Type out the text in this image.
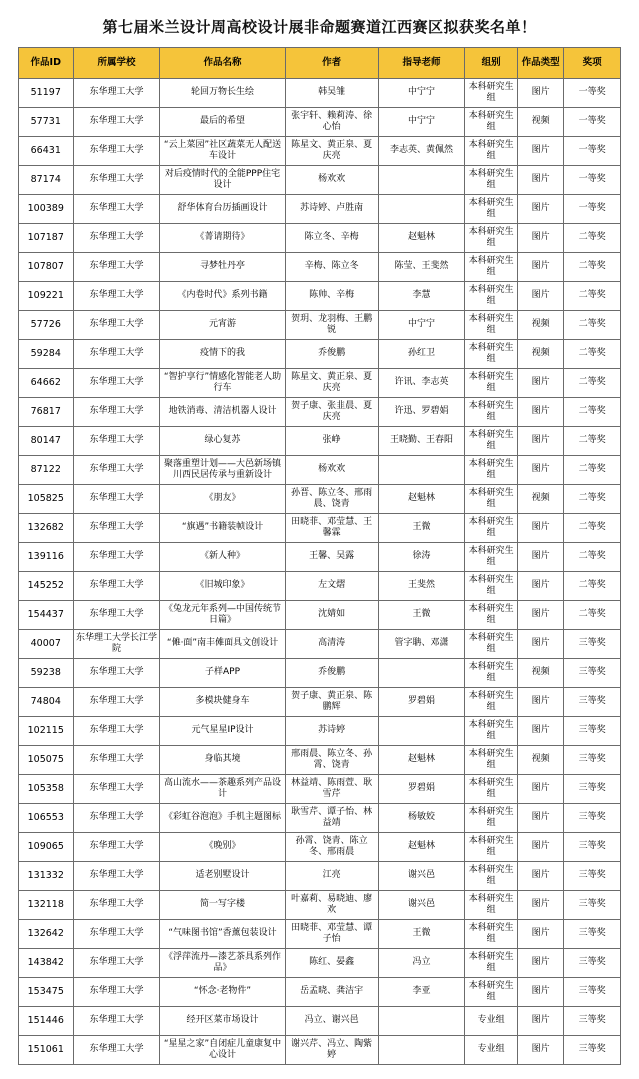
第七届米兰设计周高校设计展非命题赛道江西赛区拟获奖名单！
作品ID	所属学校	作品名称	作者	指导老师	组别	作品类型	奖项
51197	东华理工大学	轮回万物长生绘	韩吴雏	中宁宁	本科研究生组	图片	一等奖
57731	东华理工大学	最后的希望	张宇轩、赖莉涛、徐心怡	中宁宁	本科研究生组	视频	一等奖
66431	东华理工大学	“云上菜园”社区蔬菜无人配送车设计	陈星文、黄正泉、夏庆亮	李志英、黄佩然	本科研究生组	图片	一等奖
87174	东华理工大学	对后疫情时代的全能PPP住宅设计	杨欢欢		本科研究生组	图片	一等奖
100389	东华理工大学	舒华体育台历插画设计	苏诗婷、卢胜南		本科研究生组	图片	一等奖
107187	东华理工大学	《菁请期待》	陈立冬、辛梅	赵魁林	本科研究生组	图片	二等奖
107807	东华理工大学	寻梦牡丹亭	辛梅、陈立冬	陈莹、王斐然	本科研究生组	图片	二等奖
109221	东华理工大学	《内卷时代》系列书籍	陈帅、辛梅	李慧	本科研究生组	图片	二等奖
57726	东华理工大学	元宵游	贺玥、龙羽梅、王鹏锐	中宁宁	本科研究生组	视频	二等奖
59284	东华理工大学	疫情下的我	乔俊鹏	孙红卫	本科研究生组	视频	二等奖
64662	东华理工大学	“智护享行”情感化智能老人助行车	陈星文、黄正泉、夏庆亮	许讯、李志英	本科研究生组	图片	二等奖
76817	东华理工大学	地铁消毒、清洁机器人设计	贺子康、张韭晨、夏庆亮	许迅、罗碧娟	本科研究生组	图片	二等奖
80147	东华理工大学	绿心复苏	张峥	王晓勤、王春阳	本科研究生组	图片	二等奖
87122	东华理工大学	聚落重塑计划——大邑新场镇川西民居传承与重新设计	杨欢欢		本科研究生组	图片	二等奖
105825	东华理工大学	《朋友》	孙晋、陈立冬、邢雨晨、饶青	赵魁林	本科研究生组	视频	二等奖
132682	东华理工大学	“旗遇”书籍装帧设计	田晓菲、邓莹慧、王馨霖	王微	本科研究生组	图片	二等奖
139116	东华理工大学	《新人种》	王馨、吴露	徐涛	本科研究生组	图片	二等奖
145252	东华理工大学	《旧城印象》	左文熠	王斐然	本科研究生组	图片	二等奖
154437	东华理工大学	《兔龙元年系列—中国传统节日篇》	沈婧如	王微	本科研究生组	图片	二等奖
40007	东华理工大学长江学院	“傩·面”南丰傩面具文创设计	高清涛	管字聃、邓潇	本科研究生组	图片	三等奖
59238	东华理工大学	子样APP	乔俊鹏		本科研究生组	视频	三等奖
74804	东华理工大学	多模块健身车	贺子康、黄正泉、陈鹏辉	罗碧娟	本科研究生组	图片	三等奖
102115	东华理工大学	元气星星IP设计	苏诗婷		本科研究生组	图片	三等奖
105075	东华理工大学	身临其境	邢雨晨、陈立冬、孙霄、饶青	赵魁林	本科研究生组	视频	三等奖
105358	东华理工大学	高山流水——茶趣系列产品设计	林益靖、陈雨萱、耿雪芹	罗碧娟	本科研究生组	图片	三等奖
106553	东华理工大学	《彩虹谷泡泡》手机主题图标	耿雪芹、谭子怡、林益靖	杨敏姣	本科研究生组	图片	三等奖
109065	东华理工大学	《晚别》	孙霄、饶青、陈立冬、邢雨晨	赵魁林	本科研究生组	图片	三等奖
131332	东华理工大学	适老别墅设计	江亮	谢兴邑	本科研究生组	图片	三等奖
132118	东华理工大学	简一写字楼	叶嘉莉、易晓迪、廖欢	谢兴邑	本科研究生组	图片	三等奖
132642	东华理工大学	“气味图书馆”香薰包装设计	田晓菲、邓莹慧、谭子怡	王微	本科研究生组	图片	三等奖
143842	东华理工大学	《浮萍流丹—漆艺茶具系列作品》	陈红、晏鑫	冯立	本科研究生组	图片	三等奖
153475	东华理工大学	“怀念·老物件”	岳孟晓、龚洁宇	李亚	本科研究生组	图片	三等奖
151446	东华理工大学	经开区菜市场设计	冯立、谢兴邑		专业组	图片	三等奖
151061	东华理工大学	“星星之家”自闭症儿童康复中心设计	谢兴芹、冯立、陶紫婷		专业组	图片	三等奖
